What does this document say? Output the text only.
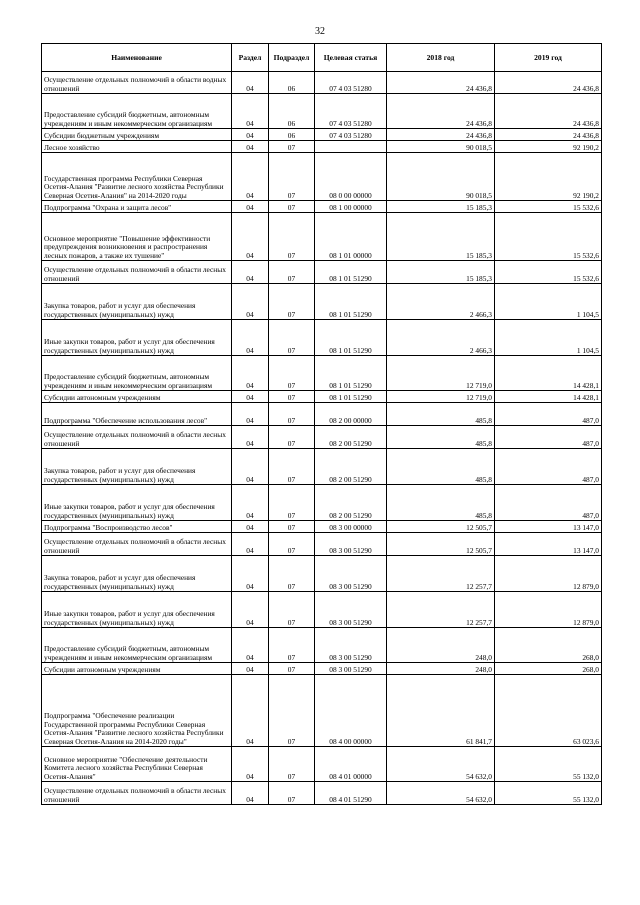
32
Наименование	Раздел	Подраздел	Целевая статья	2018 год	2019 год
Осуществление отдельных полномочий в области водных отношений	04	06	07 4 03 51280	24 436,8	24 436,8
Предоставление субсидий бюджетным, автономным учреждениям и иным некоммерческим организациям	04	06	07 4 03 51280	24 436,8	24 436,8
Субсидии бюджетным учреждениям	04	06	07 4 03 51280	24 436,8	24 436,8
Лесное хозяйство	04	07		90 018,5	92 190,2
Государственная программа Республики Северная Осетия-Алания "Развитие лесного хозяйства Республики Северная Осетия-Алания" на 2014-2020 годы	04	07	08 0 00 00000	90 018,5	92 190,2
Подпрограмма "Охрана и защита лесов"	04	07	08 1 00 00000	15 185,3	15 532,6
Основное мероприятие "Повышение эффективности предупреждения возникновения и распространения лесных пожаров, а также их тушение"	04	07	08 1 01 00000	15 185,3	15 532,6
Осуществление отдельных полномочий в области лесных отношений	04	07	08 1 01 51290	15 185,3	15 532,6
Закупка товаров, работ и услуг для обеспечения государственных (муниципальных) нужд	04	07	08 1 01 51290	2 466,3	1 104,5
Иные закупки товаров, работ и услуг для обеспечения государственных (муниципальных) нужд	04	07	08 1 01 51290	2 466,3	1 104,5
Предоставление субсидий бюджетным, автономным учреждениям и иным некоммерческим организациям	04	07	08 1 01 51290	12 719,0	14 428,1
Субсидии автономным учреждениям	04	07	08 1 01 51290	12 719,0	14 428,1
Подпрограмма "Обеспечение использования лесов"	04	07	08 2 00 00000	485,8	487,0
Осуществление отдельных полномочий в области лесных отношений	04	07	08 2 00 51290	485,8	487,0
Закупка товаров, работ и услуг для обеспечения государственных (муниципальных) нужд	04	07	08 2 00 51290	485,8	487,0
Иные закупки товаров, работ и услуг для обеспечения государственных (муниципальных) нужд	04	07	08 2 00 51290	485,8	487,0
Подпрограмма "Воспроизводство лесов"	04	07	08 3 00 00000	12 505,7	13 147,0
Осуществление отдельных полномочий в области лесных отношений	04	07	08 3 00 51290	12 505,7	13 147,0
Закупка товаров, работ и услуг для обеспечения государственных (муниципальных) нужд	04	07	08 3 00 51290	12 257,7	12 879,0
Иные закупки товаров, работ и услуг для обеспечения государственных (муниципальных) нужд	04	07	08 3 00 51290	12 257,7	12 879,0
Предоставление субсидий бюджетным, автономным учреждениям и иным некоммерческим организациям	04	07	08 3 00 51290	248,0	268,0
Субсидии автономным учреждениям	04	07	08 3 00 51290	248,0	268,0
Подпрограмма "Обеспечение реализации Государственной программы Республики Северная Осетия-Алания "Развитие лесного хозяйства Республики Северная Осетия-Алания на 2014-2020 годы"	04	07	08 4 00 00000	61 841,7	63 023,6
Основное мероприятие "Обеспечение деятельности Комитета лесного хозяйства Республики Северная Осетия-Алания"	04	07	08 4 01 00000	54 632,0	55 132,0
Осуществление отдельных полномочий в области лесных отношений	04	07	08 4 01 51290	54 632,0	55 132,0
